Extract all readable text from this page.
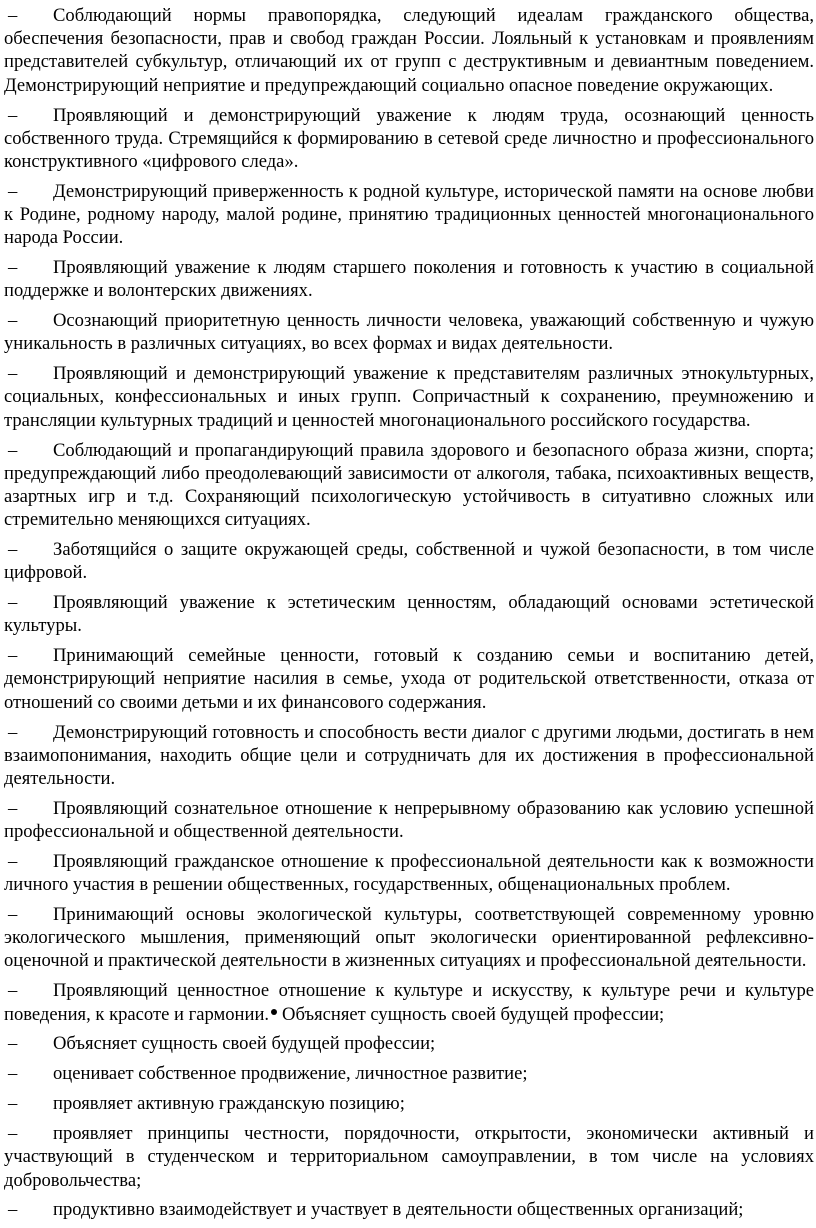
– Соблюдающий нормы правопорядка, следующий идеалам гражданского общества, обеспечения безопасности, прав и свобод граждан России. Лояльный к установкам и проявлениям представителей субкультур, отличающий их от групп с деструктивным и девиантным поведением. Демонстрирующий неприятие и предупреждающий социально опасное поведение окружающих.
– Проявляющий и демонстрирующий уважение к людям труда, осознающий ценность собственного труда. Стремящийся к формированию в сетевой среде личностно и профессионального конструктивного «цифрового следа».
– Демонстрирующий приверженность к родной культуре, исторической памяти на основе любви к Родине, родному народу, малой родине, принятию традиционных ценностей многонационального народа России.
– Проявляющий уважение к людям старшего поколения и готовность к участию в социальной поддержке и волонтерских движениях.
– Осознающий приоритетную ценность личности человека, уважающий собственную и чужую уникальность в различных ситуациях, во всех формах и видах деятельности.
– Проявляющий и демонстрирующий уважение к представителям различных этнокультурных, социальных, конфессиональных и иных групп. Сопричастный к сохранению, преумножению и трансляции культурных традиций и ценностей многонационального российского государства.
– Соблюдающий и пропагандирующий правила здорового и безопасного образа жизни, спорта; предупреждающий либо преодолевающий зависимости от алкоголя, табака, психоактивных веществ, азартных игр и т.д. Сохраняющий психологическую устойчивость в ситуативно сложных или стремительно меняющихся ситуациях.
– Заботящийся о защите окружающей среды, собственной и чужой безопасности, в том числе цифровой.
– Проявляющий уважение к эстетическим ценностям, обладающий основами эстетической культуры.
– Принимающий семейные ценности, готовый к созданию семьи и воспитанию детей, демонстрирующий неприятие насилия в семье, ухода от родительской ответственности, отказа от отношений со своими детьми и их финансового содержания.
– Демонстрирующий готовность и способность вести диалог с другими людьми, достигать в нем взаимопонимания, находить общие цели и сотрудничать для их достижения в профессиональной деятельности.
– Проявляющий сознательное отношение к непрерывному образованию как условию успешной профессиональной и общественной деятельности.
– Проявляющий гражданское отношение к профессиональной деятельности как к возможности личного участия в решении общественных, государственных, общенациональных проблем.
– Принимающий основы экологической культуры, соответствующей современному уровню экологического мышления, применяющий опыт экологически ориентированной рефлексивно-оценочной и практической деятельности в жизненных ситуациях и профессиональной деятельности.
– Проявляющий ценностное отношение к культуре и искусству, к культуре речи и культуре поведения, к красоте и гармонии. Объясняет сущность своей будущей профессии;
– Объясняет сущность своей будущей профессии;
– оценивает собственное продвижение, личностное развитие;
– проявляет активную гражданскую позицию;
– проявляет принципы честности, порядочности, открытости, экономически активный и участвующий в студенческом и территориальном самоуправлении, в том числе на условиях добровольчества;
– продуктивно взаимодействует и участвует в деятельности общественных организаций;
